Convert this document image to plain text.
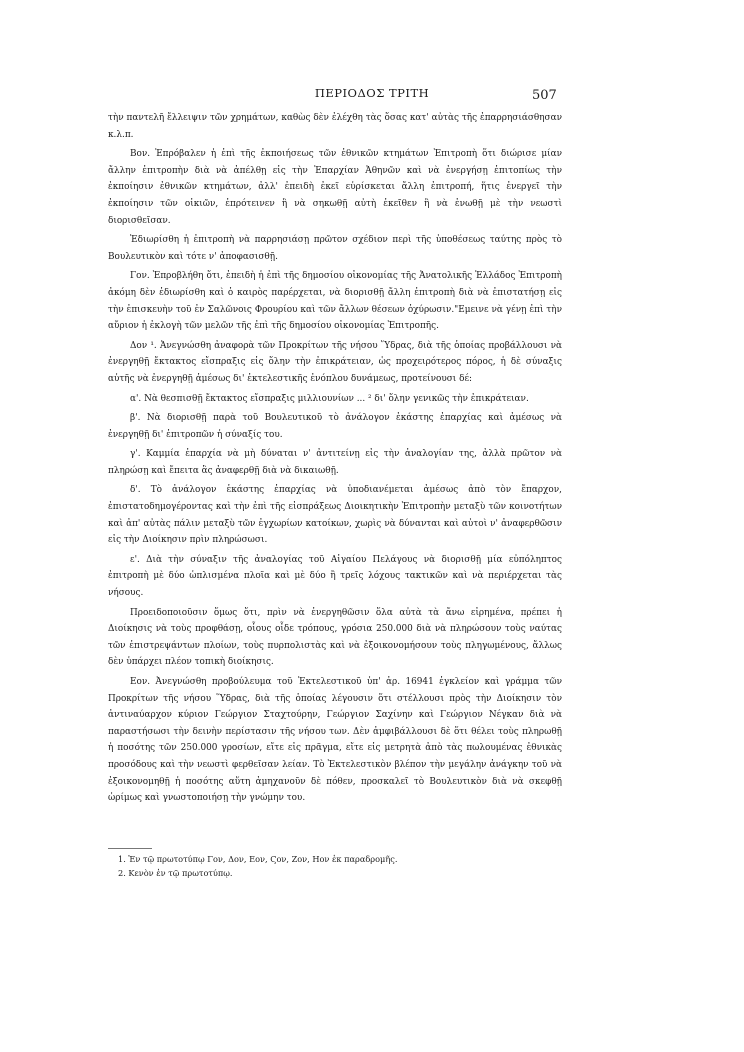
ΠΕΡΙΟΔΟΣ ΤΡΙΤΗ	507

τὴν παντελῆ ἔλλειψιν τῶν χρημάτων, καθὼς δὲν ἐλέχθη τὰς ὅσας κατ' αὐτὰς τῆς ἐπαρρησιάσθησαν κ.λ.π.

Βον. Ἐπρόβαλεν ἡ ἐπὶ τῆς ἐκποιήσεως τῶν ἐθνικῶν κτημάτων Ἐπιτροπὴ ὅτι διώρισε μίαν ἄλλην ἐπιτροπὴν διὰ νὰ ἀπέλθῃ εἰς τὴν Ἐπαρχίαν Ἀθηνῶν καὶ νὰ ἐνεργήσῃ ἐπιτοπίως τὴν ἐκποίησιν ἐθνικῶν κτημάτων, ἀλλ' ἐπειδὴ ἐκεῖ εὑρίσκεται ἄλλη ἐπιτροπή, ἥτις ἐνεργεῖ τὴν ἐκποίησιν τῶν οἰκιῶν, ἐπρότεινεν ἢ νὰ σηκωθῇ αὐτὴ ἐκεῖθεν ἢ νὰ ἑνωθῇ μὲ τὴν νεωστὶ διορισθεῖσαν.

Ἐδιωρίσθη ἡ ἐπιτροπὴ νὰ παρρησιάσῃ πρῶτον σχέδιον περὶ τῆς ὑποθέσεως ταύτης πρὸς τὸ Βουλευτικὸν καὶ τότε ν' ἀποφασισθῇ.

Γον. Ἐπροβλήθη ὅτι, ἐπειδὴ ἡ ἐπὶ τῆς δημοσίου οἰκονομίας τῆς Ἀνατολικῆς Ἑλλάδος Ἐπιτροπὴ ἀκόμη δὲν ἐδιωρίσθη καὶ ὁ καιρὸς παρέρχεται, νὰ διορισθῇ ἄλλη ἐπιτροπὴ διὰ νὰ ἐπιστατήσῃ εἰς τὴν ἐπισκευὴν τοῦ ἐν Σαλῶνοις Φρουρίου καὶ τῶν ἄλλων θέσεων ὀχύρωσιν."Εμεινε νὰ γένῃ ἐπὶ τὴν αὔριον ἡ ἐκλογὴ τῶν μελῶν τῆς ἐπὶ τῆς δημοσίου οἰκονομίας Ἐπιτροπῆς.

Δον ¹. Ἀνεγνώσθη ἀναφορὰ τῶν Προκρίτων τῆς νήσου Ὕδρας, διὰ τῆς ὁποίας προβάλλουσι νὰ ἐνεργηθῇ ἔκτακτος εἴσπραξις εἰς ὅλην τὴν ἐπικράτειαν, ὡς προχειρότερος πόρος, ἡ δὲ σύναξις αὐτῆς νὰ ἐνεργηθῇ ἀμέσως δι' ἐκτελεστικῆς ἐνόπλου δυνάμεως, προτείνουσι δέ:

α'. Νὰ θεσπισθῇ ἔκτακτος εἴσπραξις μιλλιουνίων ... ² δι' ὅλην γενικῶς τὴν ἐπικράτειαν.

β'. Νὰ διορισθῇ παρὰ τοῦ Βουλευτικοῦ τὸ ἀνάλογον ἑκάστης ἐπαρχίας καὶ ἀμέσως νὰ ἐνεργηθῇ δι' ἐπιτροπῶν ἡ σύναξίς του.

γ'. Καμμία ἐπαρχία νὰ μὴ δύναται ν' ἀντιτείνῃ εἰς τὴν ἀναλογίαν της, ἀλλὰ πρῶτον νὰ πληρώσῃ καὶ ἔπειτα ἂς ἀναφερθῇ διὰ νὰ δικαιωθῇ.

δ'. Τὸ ἀνάλογον ἑκάστης ἐπαρχίας νὰ ὑποδιανέμεται ἀμέσως ἀπὸ τὸν ἔπαρχον, ἐπιστατοδημογέροντας καὶ τὴν ἐπὶ τῆς εἰσπράξεως Διοικητικὴν Ἐπιτροπὴν μεταξὺ τῶν κοινοτήτων καὶ ἀπ' αὐτὰς πάλιν μεταξὺ τῶν ἐγχωρίων κατοίκων, χωρὶς νὰ δύνανται καὶ αὐτοὶ ν' ἀναφερθῶσιν εἰς τὴν Διοίκησιν πρὶν πληρώσωσι.

ε'. Διὰ τὴν σύναξιν τῆς ἀναλογίας τοῦ Αἰγαίου Πελάγους νὰ διορισθῇ μία εὐπόληπτος ἐπιτροπὴ μὲ δύο ὡπλισμένα πλοῖα καὶ μὲ δύο ἢ τρεῖς λόχους τακτικῶν καὶ νὰ περιέρχεται τὰς νήσους.

Προειδοποιοῦσιν ὅμως ὅτι, πρὶν νὰ ἐνεργηθῶσιν ὅλα αὐτὰ τὰ ἄνω εἰρημένα, πρέπει ἡ Διοίκησις νὰ τοὺς προφθάσῃ, οἷους οἶδε τρόπους, γρόσια 250.000 διὰ νὰ πληρώσουν τοὺς ναύτας τῶν ἐπιστρεψάντων πλοίων, τοὺς πυρπολιστὰς καὶ νὰ ἐξοικονομήσουν τοὺς πληγωμένους, ἄλλως δὲν ὑπάρχει πλέον τοπικὴ διοίκησις.

Εον. Ἀνεγνώσθη προβούλευμα τοῦ Ἐκτελεστικοῦ ὑπ' ἀρ. 16941 ἐγκλείον καὶ γράμμα τῶν Προκρίτων τῆς νήσου Ὕδρας, διὰ τῆς ὁποίας λέγουσιν ὅτι στέλλουσι πρὸς τὴν Διοίκησιν τὸν ἀντιναύαρχον κύριον Γεώργιον Σταχτούρην, Γεώργιον Σαχίνην καὶ Γεώργιον Νέγκαν διὰ νὰ παραστήσωσι τὴν δεινὴν περίστασιν τῆς νήσου των. Δὲν ἀμφιβάλλουσι δὲ ὅτι θέλει τοὺς πληρωθῇ ἡ ποσότης τῶν 250.000 γροσίων, εἴτε εἰς πρᾶγμα, εἴτε εἰς μετρητὰ ἀπὸ τὰς πωλουμένας ἐθνικὰς προσόδους καὶ τὴν νεωστὶ φερθεῖσαν λείαν. Τὸ Ἐκτελεστικὸν βλέπον τὴν μεγάλην ἀνάγκην τοῦ νὰ ἐξοικονομηθῇ ἡ ποσότης αὕτη ἀμηχανοῦν δὲ πόθεν, προσκαλεῖ τὸ Βουλευτικὸν διὰ νὰ σκεφθῇ ὡρίμως καὶ γνωστοποιήσῃ τὴν γνώμην του.

1. Ἐν τῷ πρωτοτύπῳ Γον, Δον, Εον, Ϛον, Ζον, Ηον ἐκ παραδρομῆς.
2. Κενὸν ἐν τῷ πρωτοτύπῳ.
